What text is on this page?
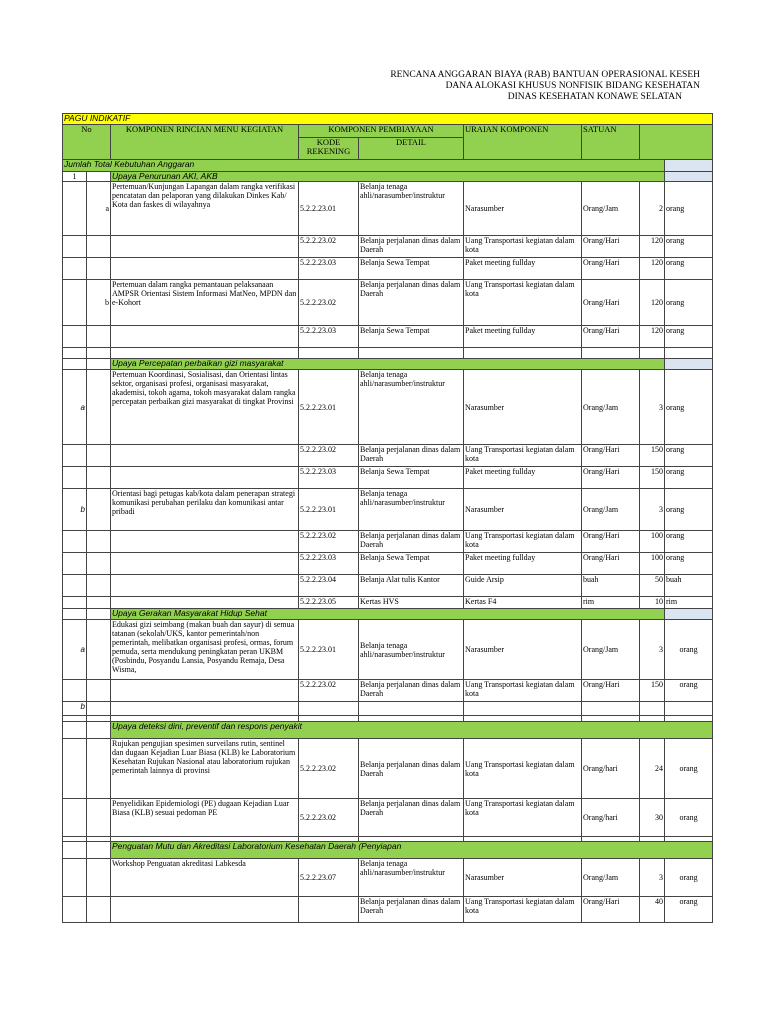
RENCANA ANGGARAN BIAYA (RAB) BANTUAN OPERASIONAL KESEH
DANA ALOKASI KHUSUS NONFISIK BIDANG KESEHATAN
DINAS KESEHATAN KONAWE SELATAN
PAGU INDIKATIF								
No		KOMPONEN RINCIAN MENU KEGIATAN	KOMPONEN PEMBIAYAAN		URAIAN KOMPONEN	SATUAN		
			KODE REKENING	DETAIL				
Jumlah Total Kebutuhan Anggaran								
1		Upaya Penurunan AKI, AKB						
	a	Pertemuan/Kunjungan Lapangan dalam rangka verifikasi pencatatan dan pelaporan yang dilakukan Dinkes Kab/ Kota dan faskes di wilayahnya	5.2.2.23.01	Belanja tenaga ahli/narasumber/instruktur	Narasumber	Orang/Jam	2	orang
			5.2.2.23.02	Belanja perjalanan dinas dalam Daerah	Uang Transportasi kegiatan dalam kota	Orang/Hari	120	orang
			5.2.2.23.03	Belanja Sewa Tempat	Paket meeting fullday	Orang/Hari	120	orang
	b	Pertemuan dalam rangka pemantauan pelaksanaan AMPSR Orientasi Sistem Informasi MatNeo, MPDN dan e-Kohort	5.2.2.23.02	Belanja perjalanan dinas dalam Daerah	Uang Transportasi kegiatan dalam kota	Orang/Hari	120	orang
			5.2.2.23.03	Belanja Sewa Tempat	Paket meeting fullday	Orang/Hari	120	orang

		Upaya Percepatan perbaikan gizi masyarakat						
a		Pertemuan Koordinasi, Sosialisasi, dan Orientasi lintas sektor, organisasi profesi, organisasi masyarakat, akademisi, tokoh agama, tokoh masyarakat dalam rangka percepatan perbaikan gizi masyarakat di tingkat Provinsi	5.2.2.23.01	Belanja tenaga ahli/narasumber/instruktur	Narasumber	Orang/Jam	3	orang
			5.2.2.23.02	Belanja perjalanan dinas dalam Daerah	Uang Transportasi kegiatan dalam kota	Orang/Hari	150	orang
			5.2.2.23.03	Belanja Sewa Tempat	Paket meeting fullday	Orang/Hari	150	orang
b		Orientasi bagi petugas kab/kota dalam penerapan strategi komunikasi perubahan perilaku dan komunikasi antar pribadi	5.2.2.23.01	Belanja tenaga ahli/narasumber/instruktur	Narasumber	Orang/Jam	3	orang
			5.2.2.23.02	Belanja perjalanan dinas dalam Daerah	Uang Transportasi kegiatan dalam kota	Orang/Hari	100	orang
			5.2.2.23.03	Belanja Sewa Tempat	Paket meeting fullday	Orang/Hari	100	orang
			5.2.2.23.04	Belanja Alat tulis Kantor	Guide Arsip	buah	50	buah
			5.2.2.23.05	Kertas HVS	Kertas F4	rim	10	rim
		Upaya Gerakan Masyarakat Hidup Sehat						
a		Edukasi gizi seimbang (makan buah dan sayur) di semua tatanan (sekolah/UKS, kantor pemerintah/non pemerintah, melibatkan organisasi profesi, ormas, forum pemuda, serta mendukung peningkatan peran UKBM (Posbindu, Posyandu Lansia, Posyandu Remaja, Desa Wisma,	5.2.2.23.01	Belanja tenaga ahli/narasumber/instruktur	Narasumber	Orang/Jam	3	orang
			5.2.2.23.02	Belanja perjalanan dinas dalam Daerah	Uang Transportasi kegiatan dalam kota	Orang/Hari	150	orang
b								

		Upaya deteksi dini, preventif dan respons penyakit						
		Rujukan pengujian spesimen surveilans rutin, sentinel dan dugaan Kejadian Luar Biasa (KLB) ke Laboratorium Kesehatan Rujukan Nasional atau laboratorium rujukan pemerintah lainnya di provinsi	5.2.2.23.02	Belanja perjalanan dinas dalam Daerah	Uang Transportasi kegiatan dalam kota	Orang/hari	24	orang
		Penyelidikan Epidemiologi (PE) dugaan Kejadian Luar Biasa (KLB) sesuai pedoman PE	5.2.2.23.02	Belanja perjalanan dinas dalam Daerah	Uang Transportasi kegiatan dalam kota	Orang/hari	30	orang

		Penguatan Mutu dan Akreditasi Laboratorium Kesehatan Daerah (Penyiapan						
		Workshop Penguatan akreditasi Labkesda	5.2.2.23.07	Belanja tenaga ahli/narasumber/instruktur	Narasumber	Orang/Jam	3	orang
				Belanja perjalanan dinas dalam Daerah	Uang Transportasi kegiatan dalam kota	Orang/Hari	40	orang
